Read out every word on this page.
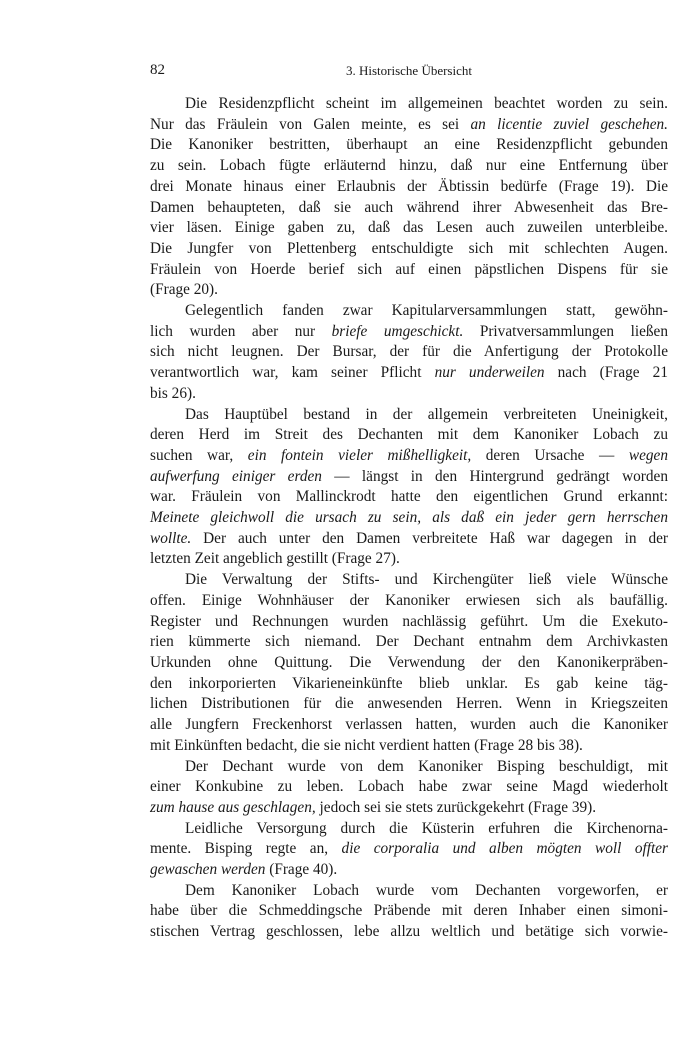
82	3. Historische Übersicht

Die Residenzpflicht scheint im allgemeinen beachtet worden zu sein.
Nur das Fräulein von Galen meinte, es sei an licentie zuviel geschehen.
Die Kanoniker bestritten, überhaupt an eine Residenzpflicht gebunden
zu sein. Lobach fügte erläuternd hinzu, daß nur eine Entfernung über
drei Monate hinaus einer Erlaubnis der Äbtissin bedürfe (Frage 19). Die
Damen behaupteten, daß sie auch während ihrer Abwesenheit das Bre-
vier läsen. Einige gaben zu, daß das Lesen auch zuweilen unterbleibe.
Die Jungfer von Plettenberg entschuldigte sich mit schlechten Augen.
Fräulein von Hoerde berief sich auf einen päpstlichen Dispens für sie
(Frage 20).

Gelegentlich fanden zwar Kapitularversammlungen statt, gewöhn-
lich wurden aber nur briefe umgeschickt. Privatversammlungen ließen
sich nicht leugnen. Der Bursar, der für die Anfertigung der Protokolle
verantwortlich war, kam seiner Pflicht nur underweilen nach (Frage 21
bis 26).

Das Hauptübel bestand in der allgemein verbreiteten Uneinigkeit,
deren Herd im Streit des Dechanten mit dem Kanoniker Lobach zu
suchen war, ein fontein vieler mißhelligkeit, deren Ursache — wegen
aufwerfung einiger erden — längst in den Hintergrund gedrängt worden
war. Fräulein von Mallinckrodt hatte den eigentlichen Grund erkannt:
Meinete gleichwoll die ursach zu sein, als daß ein jeder gern herrschen
wollte. Der auch unter den Damen verbreitete Haß war dagegen in der
letzten Zeit angeblich gestillt (Frage 27).

Die Verwaltung der Stifts- und Kirchengüter ließ viele Wünsche
offen. Einige Wohnhäuser der Kanoniker erwiesen sich als baufällig.
Register und Rechnungen wurden nachlässig geführt. Um die Exekuto-
rien kümmerte sich niemand. Der Dechant entnahm dem Archivkasten
Urkunden ohne Quittung. Die Verwendung der den Kanonikerpräben-
den inkorporierten Vikarieneinkünfte blieb unklar. Es gab keine täg-
lichen Distributionen für die anwesenden Herren. Wenn in Kriegszeiten
alle Jungfern Freckenhorst verlassen hatten, wurden auch die Kanoniker
mit Einkünften bedacht, die sie nicht verdient hatten (Frage 28 bis 38).

Der Dechant wurde von dem Kanoniker Bisping beschuldigt, mit
einer Konkubine zu leben. Lobach habe zwar seine Magd wiederholt
zum hause aus geschlagen, jedoch sei sie stets zurückgekehrt (Frage 39).

Leidliche Versorgung durch die Küsterin erfuhren die Kirchenorna-
mente. Bisping regte an, die corporalia und alben mögten woll offter
gewaschen werden (Frage 40).

Dem Kanoniker Lobach wurde vom Dechanten vorgeworfen, er
habe über die Schmeddingsche Präbende mit deren Inhaber einen simoni-
stischen Vertrag geschlossen, lebe allzu weltlich und betätige sich vorwie-
